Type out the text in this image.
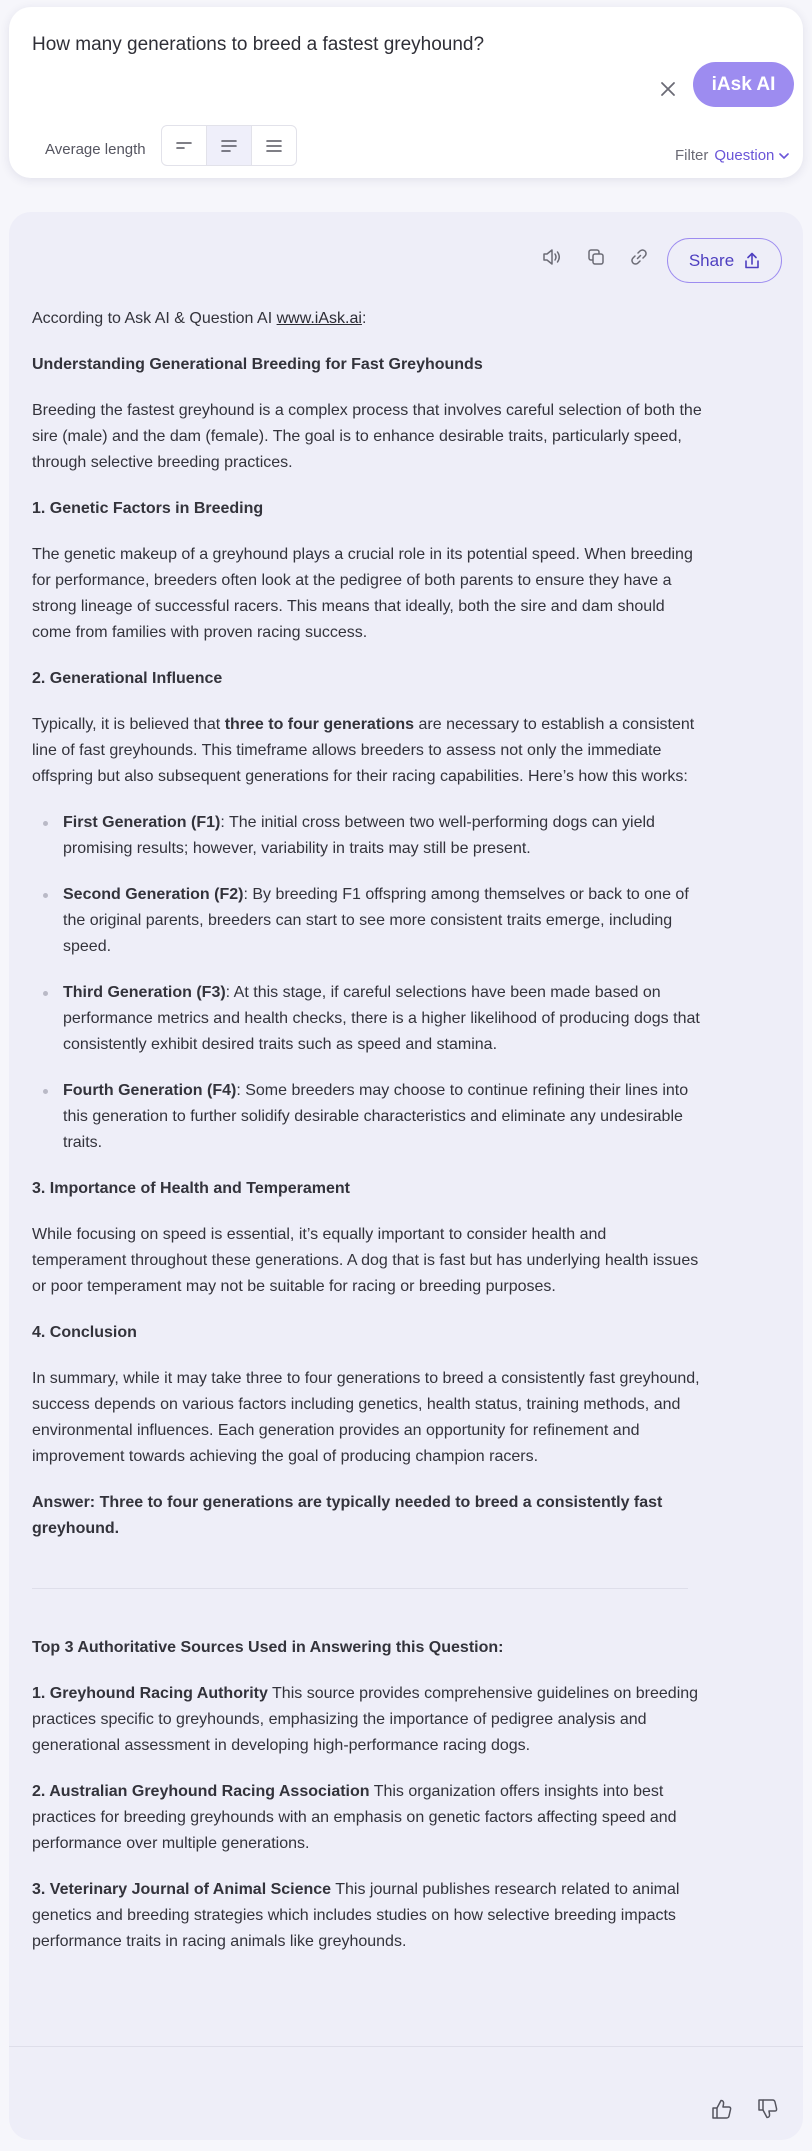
How many generations to breed a fastest greyhound?
iAsk AI
Average length	Filter Question
Share

According to Ask AI & Question AI www.iAsk.ai:

Understanding Generational Breeding for Fast Greyhounds

Breeding the fastest greyhound is a complex process that involves careful selection of both the sire (male) and the dam (female). The goal is to enhance desirable traits, particularly speed, through selective breeding practices.

1. Genetic Factors in Breeding

The genetic makeup of a greyhound plays a crucial role in its potential speed. When breeding for performance, breeders often look at the pedigree of both parents to ensure they have a strong lineage of successful racers. This means that ideally, both the sire and dam should come from families with proven racing success.

2. Generational Influence

Typically, it is believed that three to four generations are necessary to establish a consistent line of fast greyhounds. This timeframe allows breeders to assess not only the immediate offspring but also subsequent generations for their racing capabilities. Here’s how this works:

First Generation (F1): The initial cross between two well-performing dogs can yield promising results; however, variability in traits may still be present.
Second Generation (F2): By breeding F1 offspring among themselves or back to one of the original parents, breeders can start to see more consistent traits emerge, including speed.
Third Generation (F3): At this stage, if careful selections have been made based on performance metrics and health checks, there is a higher likelihood of producing dogs that consistently exhibit desired traits such as speed and stamina.
Fourth Generation (F4): Some breeders may choose to continue refining their lines into this generation to further solidify desirable characteristics and eliminate any undesirable traits.
3. Importance of Health and Temperament

While focusing on speed is essential, it’s equally important to consider health and temperament throughout these generations. A dog that is fast but has underlying health issues or poor temperament may not be suitable for racing or breeding purposes.

4. Conclusion

In summary, while it may take three to four generations to breed a consistently fast greyhound, success depends on various factors including genetics, health status, training methods, and environmental influences. Each generation provides an opportunity for refinement and improvement towards achieving the goal of producing champion racers.

Answer: Three to four generations are typically needed to breed a consistently fast greyhound.

Top 3 Authoritative Sources Used in Answering this Question:

1. Greyhound Racing Authority This source provides comprehensive guidelines on breeding practices specific to greyhounds, emphasizing the importance of pedigree analysis and generational assessment in developing high-performance racing dogs.

2. Australian Greyhound Racing Association This organization offers insights into best practices for breeding greyhounds with an emphasis on genetic factors affecting speed and performance over multiple generations.

3. Veterinary Journal of Animal Science This journal publishes research related to animal genetics and breeding strategies which includes studies on how selective breeding impacts performance traits in racing animals like greyhounds.
